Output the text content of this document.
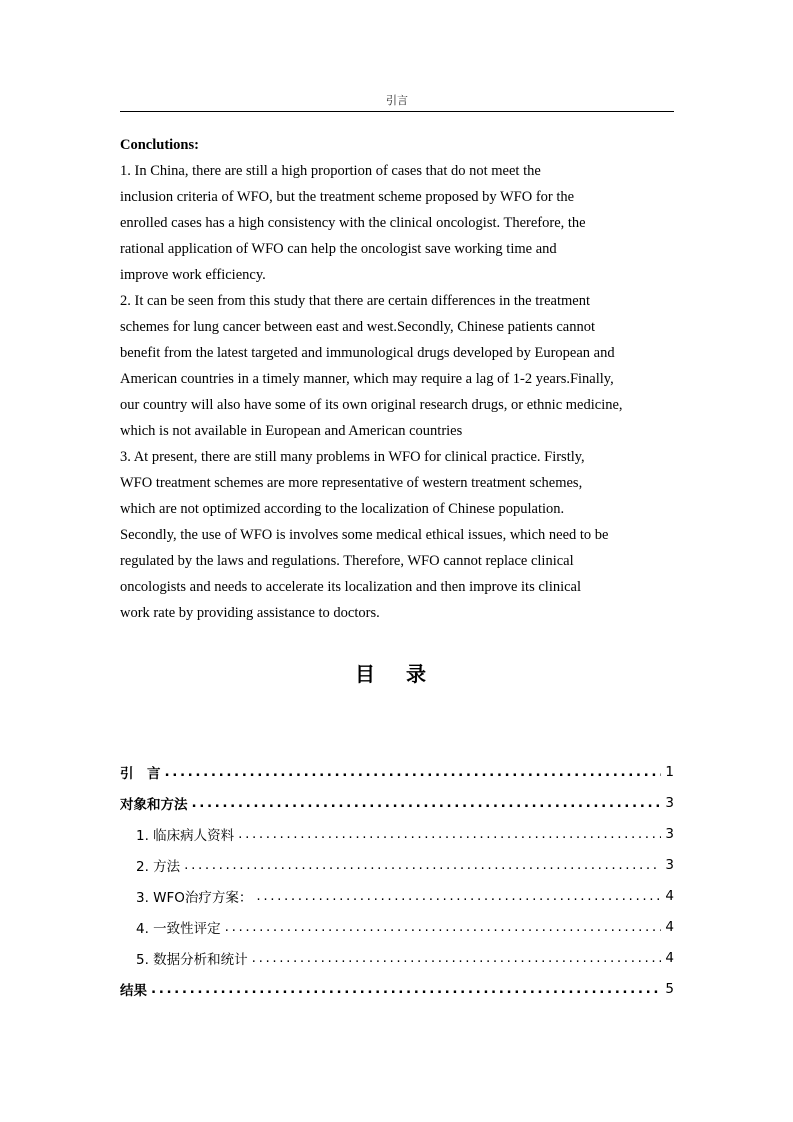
引言

Conclutions:

1. In China, there are still a high proportion of cases that do not meet the

inclusion criteria of WFO, but the treatment scheme proposed by WFO for the

enrolled cases has a high consistency with the clinical oncologist. Therefore, the

rational application of WFO can help the oncologist save working time and

improve work efficiency.

2. It can be seen from this study that there are certain differences in the treatment

schemes for lung cancer between east and west.Secondly, Chinese patients cannot

benefit from the latest targeted and immunological drugs developed by European and

American countries in a timely manner, which may require a lag of 1-2 years.Finally,

our country will also have some of its own original research drugs, or ethnic medicine,

which is not available in European and American countries

3. At present, there are still many problems in WFO for clinical practice. Firstly,

WFO treatment schemes are more representative of western treatment schemes,

which are not optimized according to the localization of Chinese population.

Secondly, the use of WFO is involves some medical ethical issues, which need to be

regulated by the laws and regulations. Therefore, WFO cannot replace clinical

oncologists and needs to accelerate its localization and then improve its clinical

work rate by providing assistance to doctors.

目 录
引　言 .....	1
对象和方法 .....	3
1. 临床病人资料 .....	3
2. 方法 .....	3
3. WFO治疗方案： .....	4
4. 一致性评定 .....	4
5. 数据分析和统计 .....	4
结果 .....	5
